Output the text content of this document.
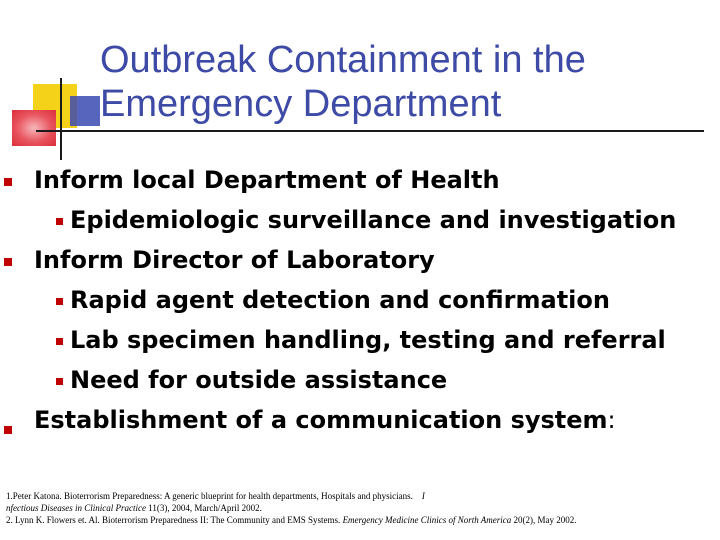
Outbreak Containment in the
Emergency Department
Inform local Department of Health
Epidemiologic surveillance and investigation
Inform Director of Laboratory
Rapid agent detection and confirmation
Lab specimen handling, testing and referral
Need for outside assistance
Establishment of a communication system:
1.Peter Katona. Bioterrorism Preparedness: A generic blueprint for health departments, Hospitals and physicians. I
nfectious Diseases in Clinical Practice 11(3), 2004, March/April 2002.
2. Lynn K. Flowers et. Al. Bioterrorism Preparedness II: The Community and EMS Systems. Emergency Medicine Clinics of North America 20(2), May 2002.
